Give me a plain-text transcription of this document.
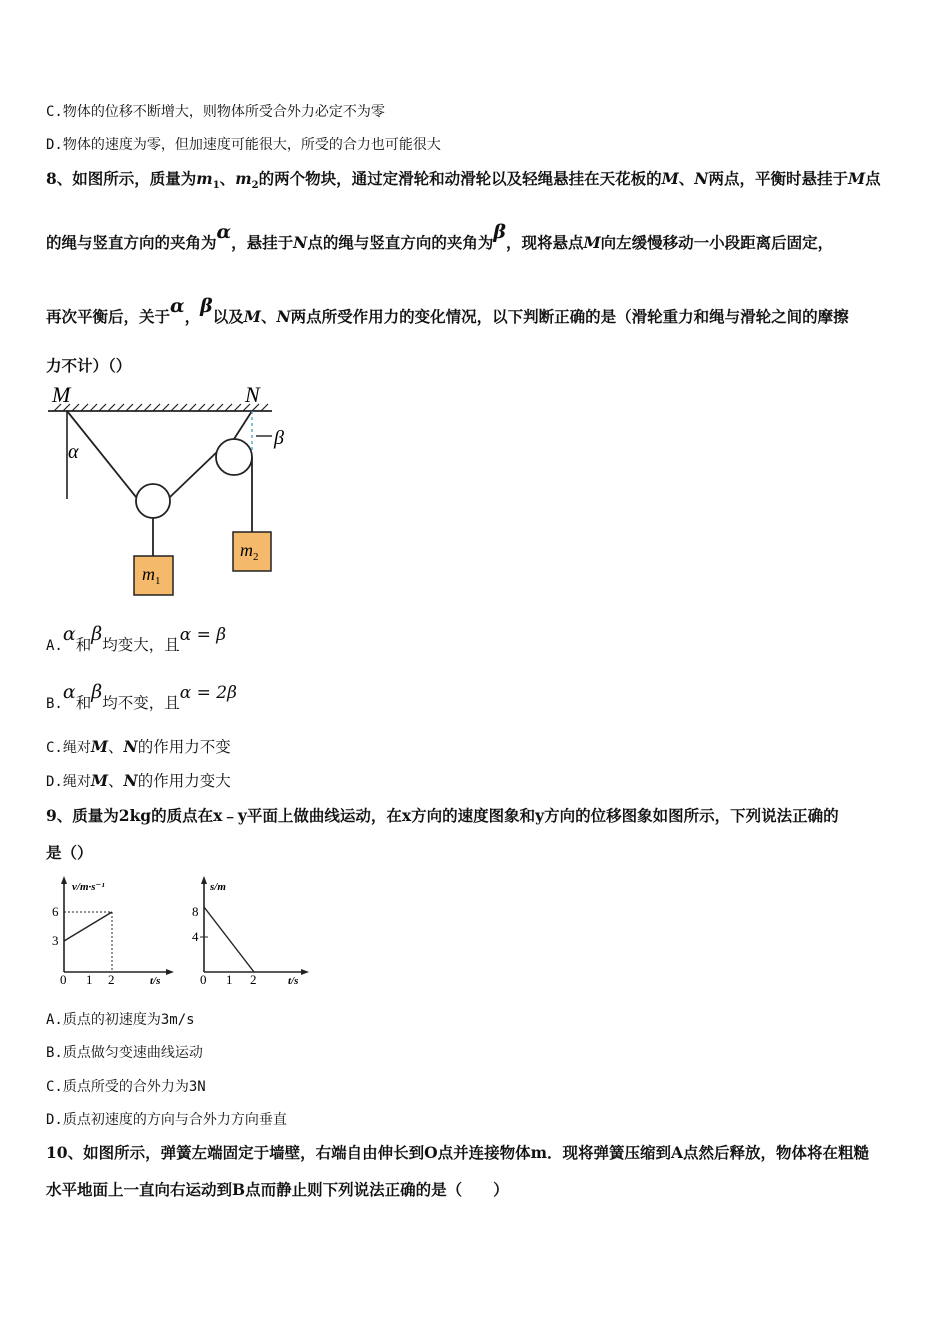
C.物体的位移不断增大，则物体所受合外力必定不为零
D.物体的速度为零，但加速度可能很大，所受的合力也可能很大
8、如图所示，质量为$m_1$、$m_2$的两个物块，通过定滑轮和动滑轮以及轻绳悬挂在天花板的M、N两点，平衡时悬挂于M点
的绳与竖直方向的夹角为α，悬挂于N点的绳与竖直方向的夹角为β，现将悬点M向左缓慢移动一小段距离后固定，
再次平衡后，关于α，β以及M、N两点所受作用力的变化情况，以下判断正确的是（滑轮重力和绳与滑轮之间的摩擦
力不计）（）
M	N
α
β
$m_1$
$m_2$
A.α和β均变大，且α = β
B.α和β均不变，且α = 2β
C.绳对M、N的作用力不变
D.绳对M、N的作用力变大
9、质量为2kg的质点在x﹣y平面上做曲线运动，在x方向的速度图象和y方向的位移图象如图所示，下列说法正确的
是（）
v/m·s⁻¹
t/s
6
3
0 1 2
s/m
t/s
8
4
0 1 2
A.质点的初速度为3m/s
B.质点做匀变速曲线运动
C.质点所受的合外力为3N
D.质点初速度的方向与合外力方向垂直
10、如图所示，弹簧左端固定于墙壁，右端自由伸长到O点并连接物体m．现将弹簧压缩到A点然后释放，物体将在粗糙
水平地面上一直向右运动到B点而静止则下列说法正确的是（　　）
